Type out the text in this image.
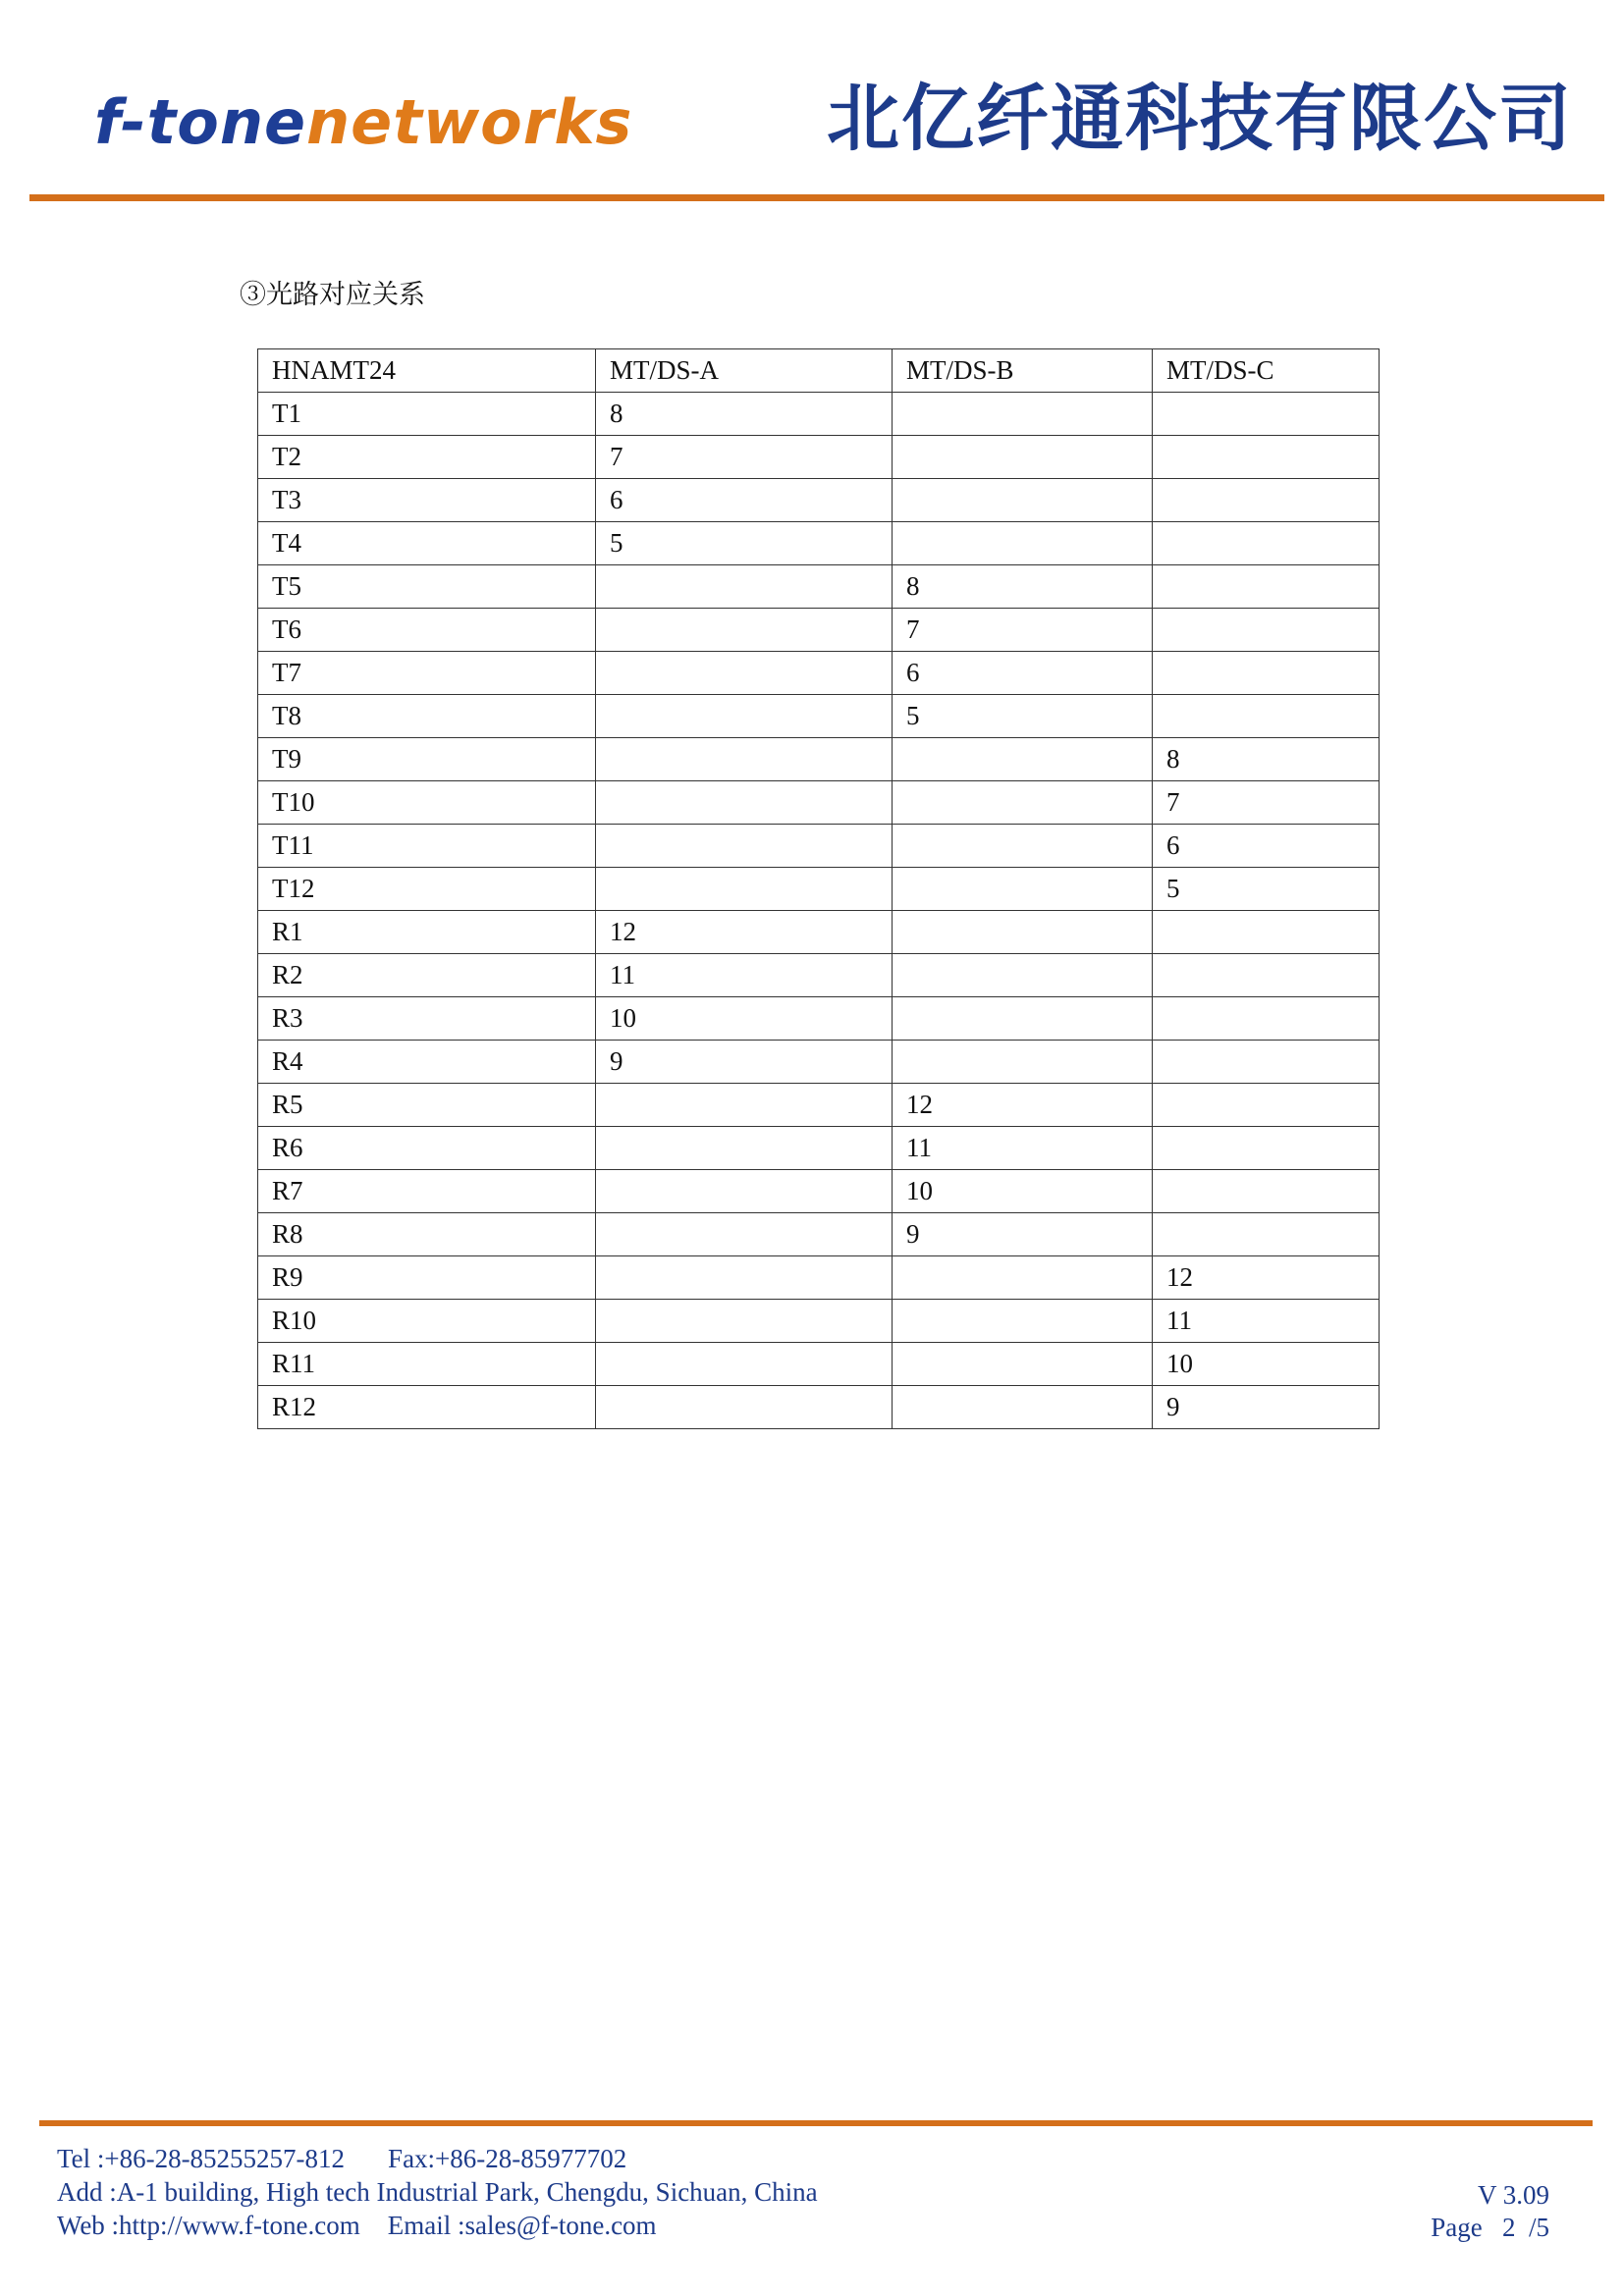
f-tonenetworks	北亿纤通科技有限公司
③光路对应关系
HNAMT24	MT/DS-A	MT/DS-B	MT/DS-C
T1	8		
T2	7		
T3	6		
T4	5		
T5		8	
T6		7	
T7		6	
T8		5	
T9			8
T10			7
T11			6
T12			5
R1	12		
R2	11		
R3	10		
R4	9		
R5		12	
R6		11	
R7		10	
R8		9	
R9			12
R10			11
R11			10
R12			9
Tel :+86-28-85255257-812 Fax:+86-28-85977702
Add :A-1 building, High tech Industrial Park, Chengdu, Sichuan, China
Web :http://www.f-tone.com Email :sales@f-tone.com
V 3.09
Page 2 /5
